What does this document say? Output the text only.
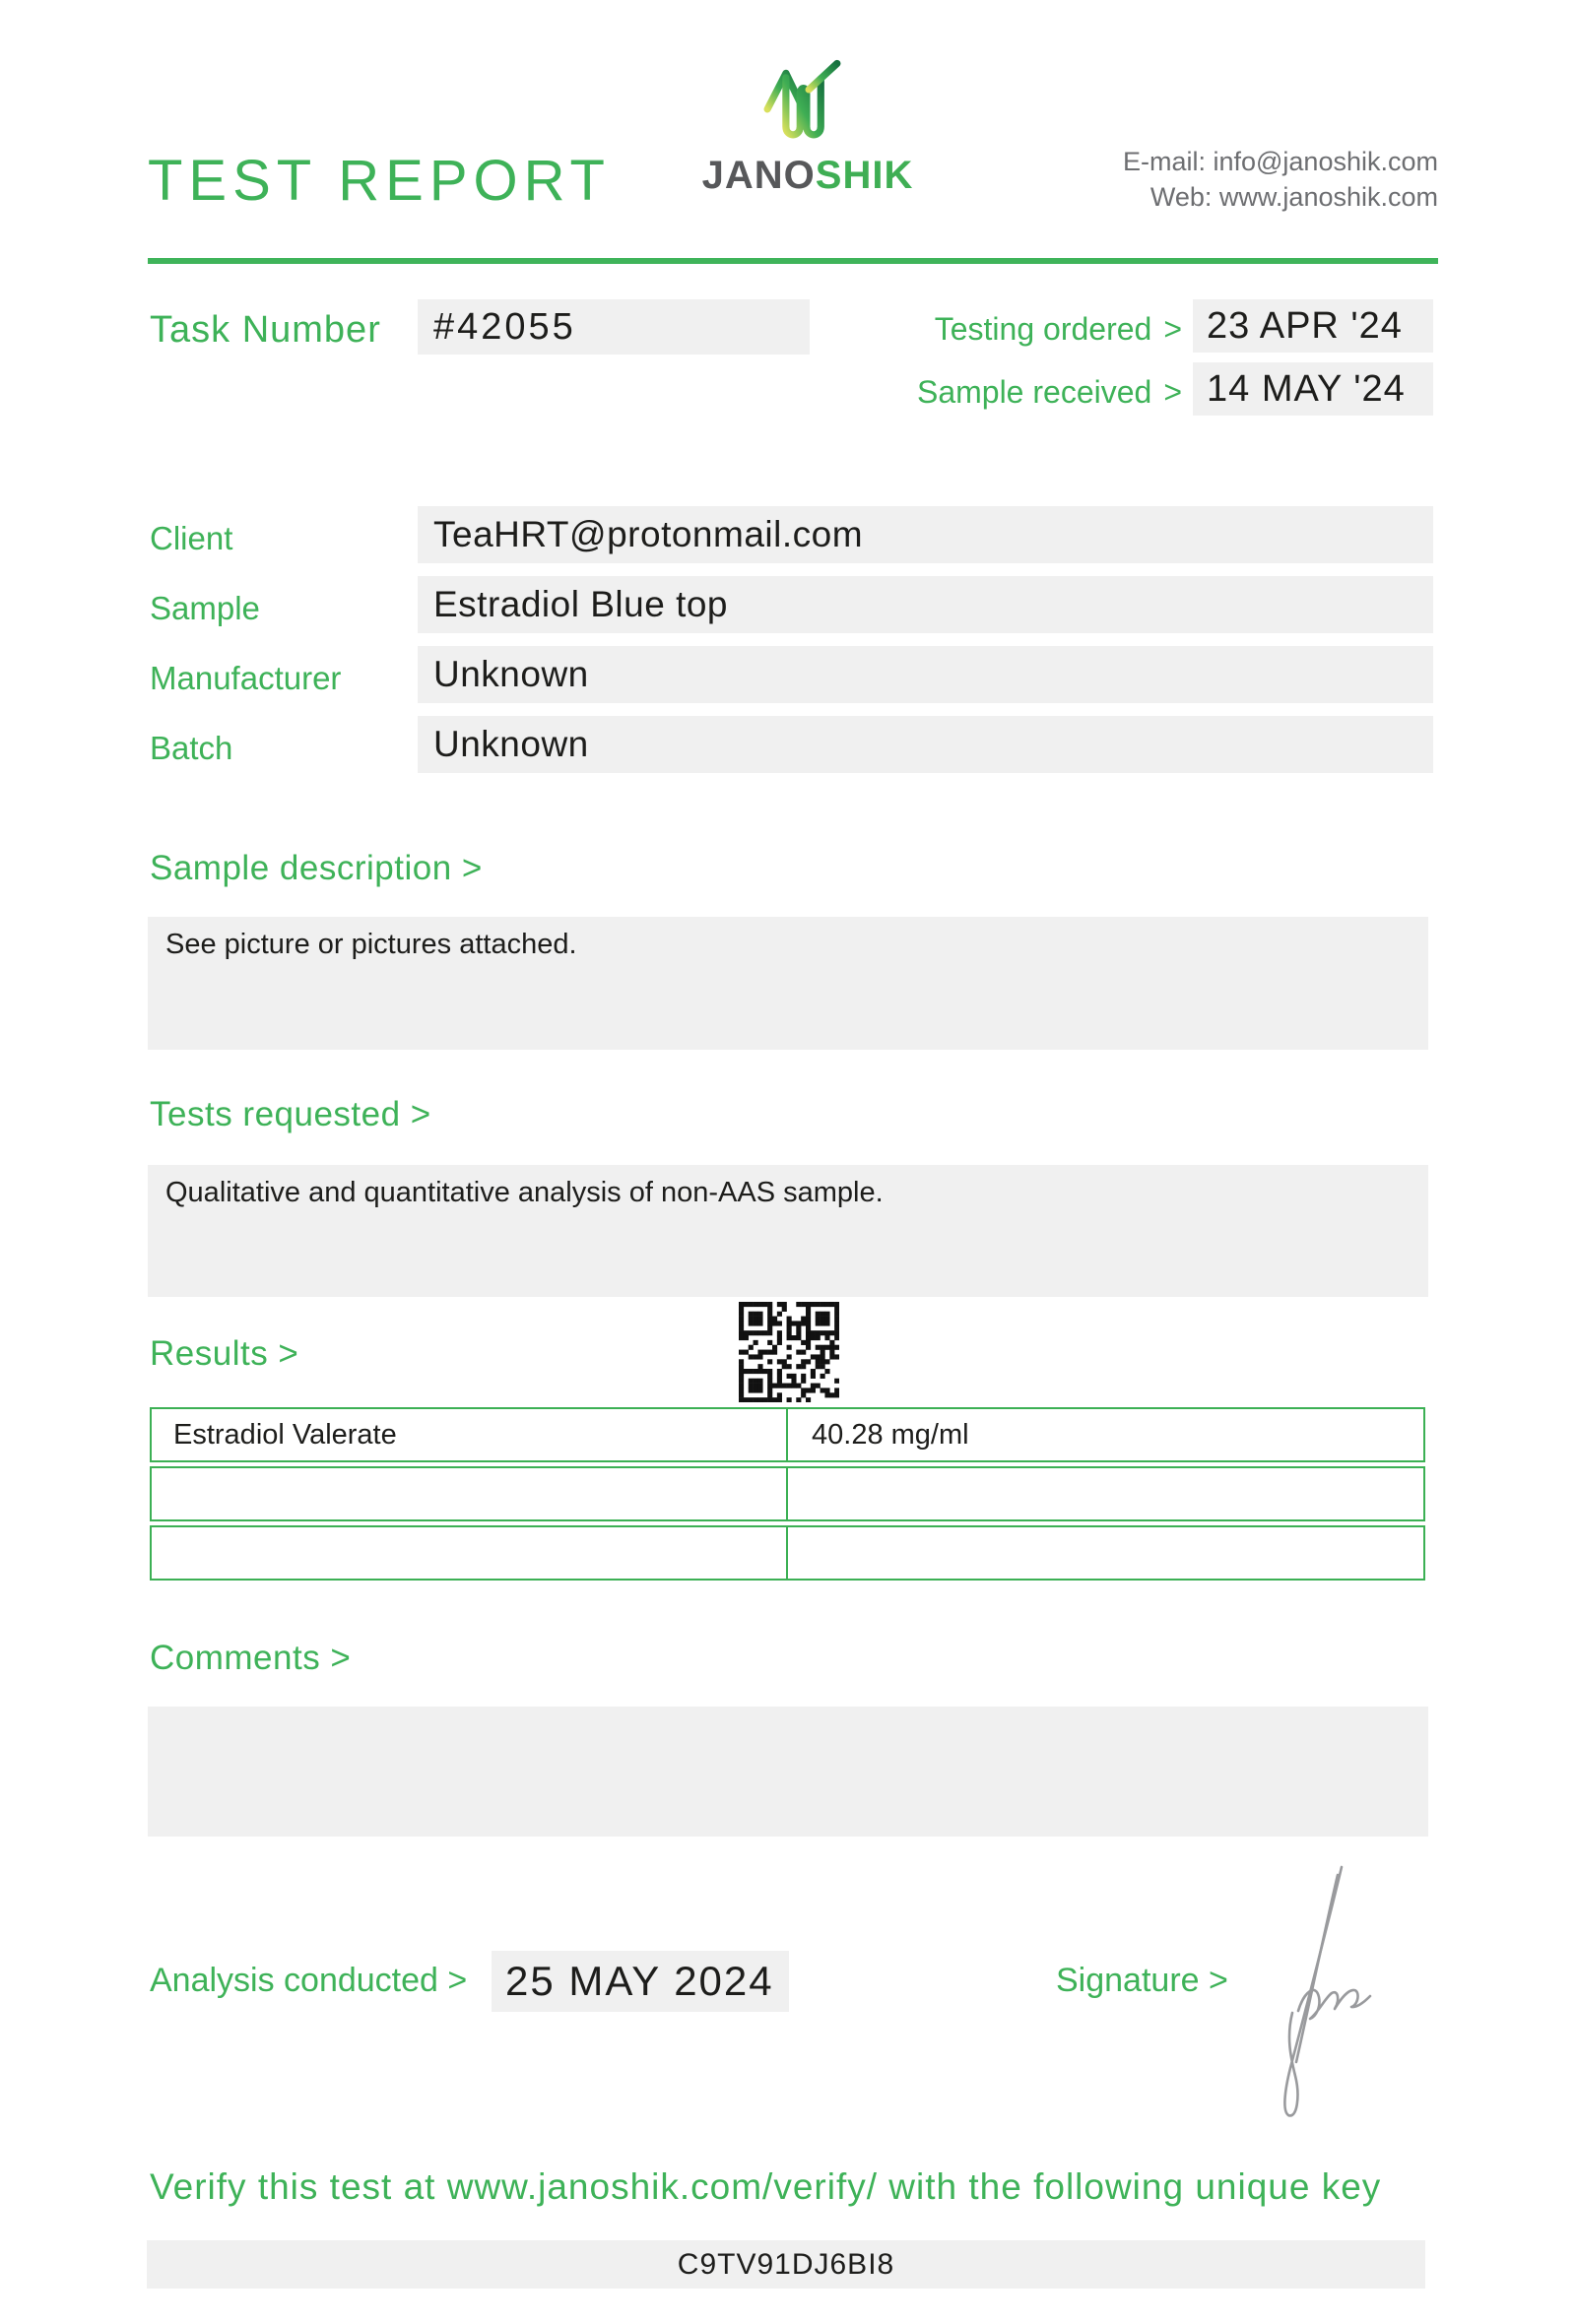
TEST REPORT	JANOSHIK	E-mail: info@janoshik.com
Web: www.janoshik.com
Task Number	#42055	Testing ordered > 23 APR '24
Sample received > 14 MAY '24
Client	TeaHRT@protonmail.com
Sample	Estradiol Blue top
Manufacturer	Unknown
Batch	Unknown
Sample description >
See picture or pictures attached.
Tests requested >
Qualitative and quantitative analysis of non-AAS sample.
Results >
Estradiol Valerate	40.28 mg/ml
Comments >
Analysis conducted > 25 MAY 2024	Signature >
Verify this test at www.janoshik.com/verify/ with the following unique key
C9TV91DJ6BI8
